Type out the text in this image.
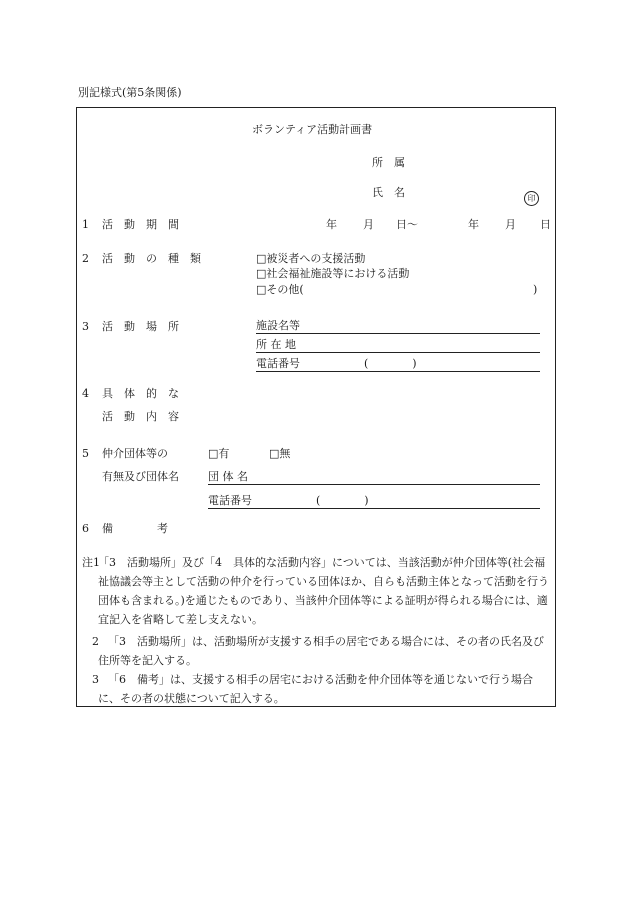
別記様式(第5条関係)
ボランティア活動計画書
所　属
氏　名	印
1 活　動　期　間	年 月 日〜	年 月 日
2 活　動　の　種　類	□被災者への支援活動
□社会福祉施設等における活動
□その他(	)
3 活　動　場　所	施設名等
所 在 地
電話番号	(　　　　)
4 具　体　的　な
活　動　内　容
5 仲介団体等の
有無及び団体名
□有	□無
団 体 名
電話番号	(　　　　)
6 備　　　　考
注1
「3　活動場所」及び「4　具体的な活動内容」については、当該活動が仲介団体等(社会福祉協議会等主として活動の仲介を行っている団体ほか、自らも活動主体となって活動を行う団体も含まれる。)を通じたものであり、当該仲介団体等による証明が得られる場合には、適宜記入を省略して差し支えない。
2 「3　活動場所」は、活動場所が支援する相手の居宅である場合には、その者の氏名及び住所等を記入する。
3 「6　備考」は、支援する相手の居宅における活動を仲介団体等を通じないで行う場合に、その者の状態について記入する。
